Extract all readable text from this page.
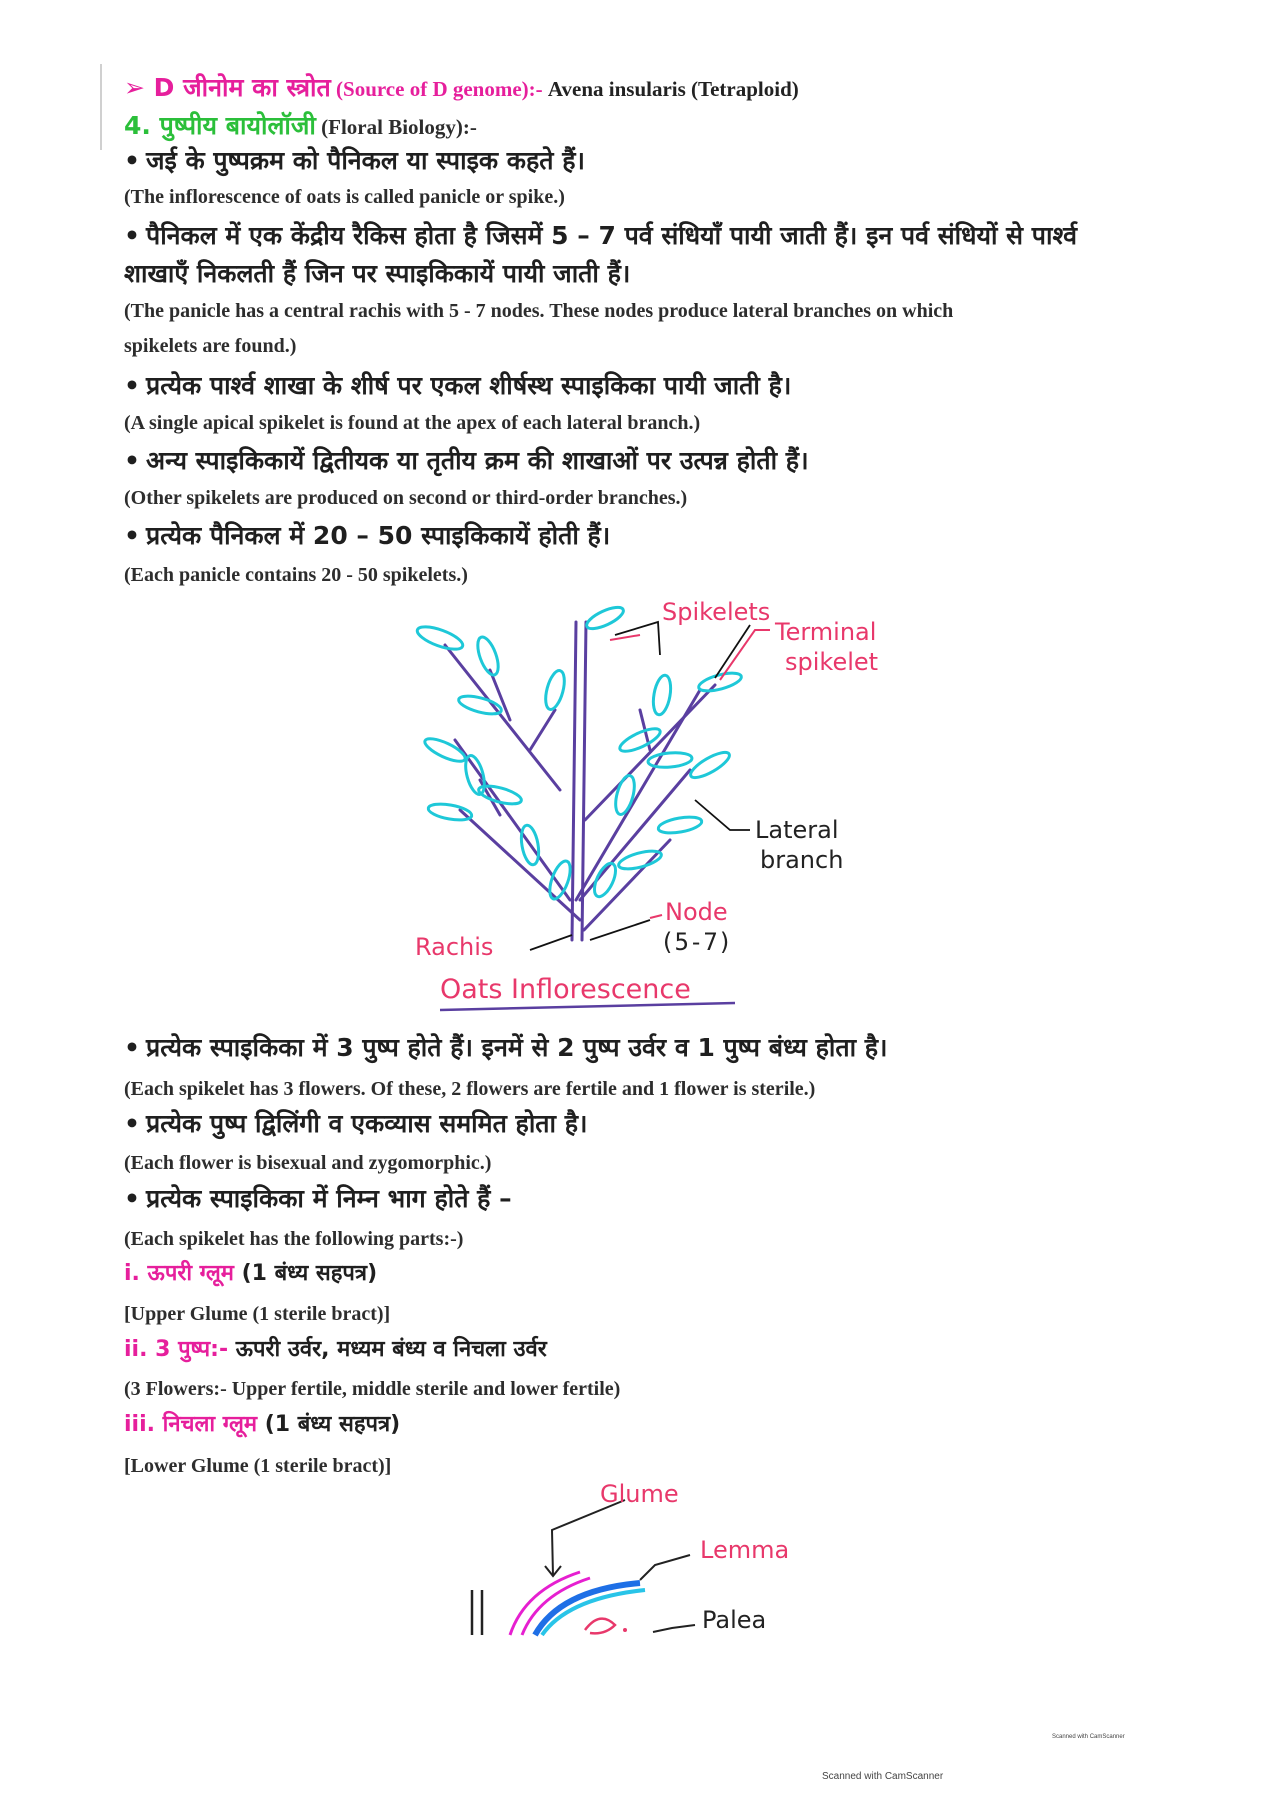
➢ D जीनोम का स्त्रोत (Source of D genome):- Avena insularis (Tetraploid)
4. पुष्पीय बायोलॉजी (Floral Biology):-
• जई के पुष्पक्रम को पैनिकल या स्पाइक कहते हैं।
(The inflorescence of oats is called panicle or spike.)
• पैनिकल में एक केंद्रीय रैकिस होता है जिसमें 5 – 7 पर्व संधियाँ पायी जाती हैं। इन पर्व संधियों से पार्श्व
शाखाएँ निकलती हैं जिन पर स्पाइकिकायें पायी जाती हैं।
(The panicle has a central rachis with 5 - 7 nodes. These nodes produce lateral branches on which
spikelets are found.)
• प्रत्येक पार्श्व शाखा के शीर्ष पर एकल शीर्षस्थ स्पाइकिका पायी जाती है।
(A single apical spikelet is found at the apex of each lateral branch.)
• अन्य स्पाइकिकायें द्वितीयक या तृतीय क्रम की शाखाओं पर उत्पन्न होती हैं।
(Other spikelets are produced on second or third-order branches.)
• प्रत्येक पैनिकल में 20 – 50 स्पाइकिकायें होती हैं।
(Each panicle contains 20 - 50 spikelets.)
Spikelets
Terminal
spikelet
Lateral
branch
Node
(5-7)
Rachis
Oats Inflorescence
• प्रत्येक स्पाइकिका में 3 पुष्प होते हैं। इनमें से 2 पुष्प उर्वर व 1 पुष्प बंध्य होता है।
(Each spikelet has 3 flowers. Of these, 2 flowers are fertile and 1 flower is sterile.)
• प्रत्येक पुष्प द्विलिंगी व एकव्यास सममित होता है।
(Each flower is bisexual and zygomorphic.)
• प्रत्येक स्पाइकिका में निम्न भाग होते हैं –
(Each spikelet has the following parts:-)
i. ऊपरी ग्लूम (1 बंध्य सहपत्र)
[Upper Glume (1 sterile bract)]
ii. 3 पुष्प:- ऊपरी उर्वर, मध्यम बंध्य व निचला उर्वर
(3 Flowers:- Upper fertile, middle sterile and lower fertile)
iii. निचला ग्लूम (1 बंध्य सहपत्र)
[Lower Glume (1 sterile bract)]
Glume
Lemma
Palea
Scanned with CamScanner
Scanned with CamScanner
